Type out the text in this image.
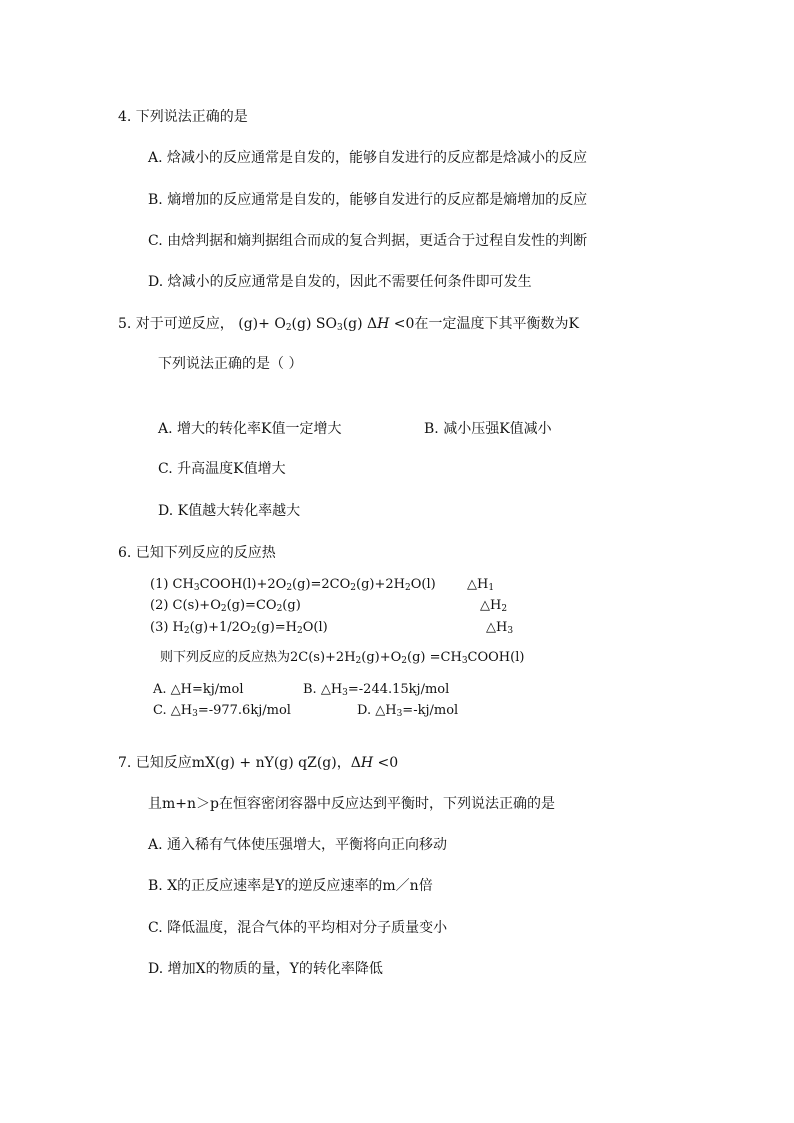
4. 下列说法正确的是
A. 焓减小的反应通常是自发的，能够自发进行的反应都是焓减小的反应
B. 熵增加的反应通常是自发的，能够自发进行的反应都是熵增加的反应
C. 由焓判据和熵判据组合而成的复合判据，更适合于过程自发性的判断
D. 焓减小的反应通常是自发的，因此不需要任何条件即可发生
5. 对于可逆反应， $(g)+ O_2(g)$ $SO_3(g)$ ΔH <0在一定温度下其平衡数为K
下列说法正确的是（ ）
A. 增大的转化率K值一定增大	B. 减小压强K值减小
C. 升高温度K值增大
D. K值越大转化率越大
6. 已知下列反应的反应热
(1) $CH_3COOH(l)+2O_2(g)=2CO_2(g)+2H_2O(l)$ $\triangle H_1$
(2) $C(s)+O_2(g)=CO_2(g)$	$\triangle H_2$
(3) $H_2(g)+1/2O_2(g)=H_2O(l)$	$\triangle H_3$
则下列反应的反应热为$2C(s)+2H_2(g)+O_2(g)$ $=CH_3COOH(l)$
A. △H=kj/mol	B. $\triangle H_3=-244.15kj$/mol
C. $\triangle H_3=-977.6kj$/mol	D. $\triangle H_3=-kj$/mol
7. 已知反应mX(g) + nY(g) qZ(g)，ΔH <0
且m+n＞p在恒容密闭容器中反应达到平衡时，下列说法正确的是
A. 通入稀有气体使压强增大，平衡将向正向移动
B. X的正反应速率是Y的逆反应速率的m／n倍
C. 降低温度，混合气体的平均相对分子质量变小
D. 增加X的物质的量，Y的转化率降低
